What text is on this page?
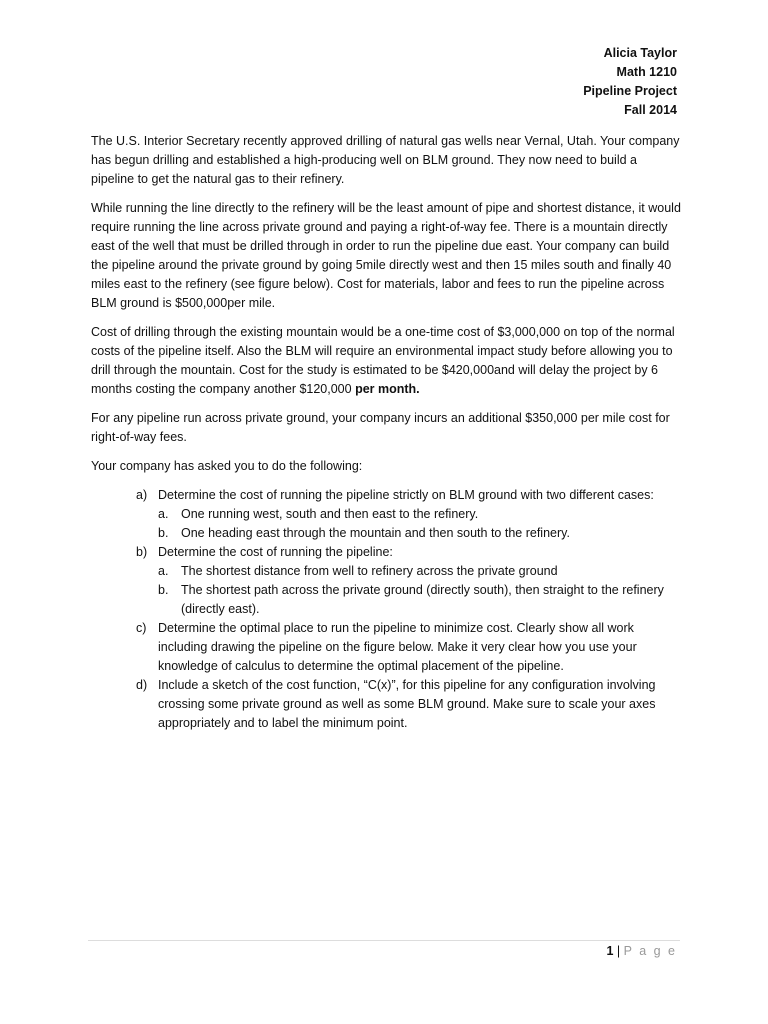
Alicia Taylor
Math 1210
Pipeline Project
Fall 2014

The U.S. Interior Secretary recently approved drilling of natural gas wells near Vernal, Utah. Your company has begun drilling and established a high-producing well on BLM ground. They now need to build a pipeline to get the natural gas to their refinery.

While running the line directly to the refinery will be the least amount of pipe and shortest distance, it would require running the line across private ground and paying a right-of-way fee. There is a mountain directly east of the well that must be drilled through in order to run the pipeline due east. Your company can build the pipeline around the private ground by going 5mile directly west and then 15 miles south and finally 40 miles east to the refinery (see figure below). Cost for materials, labor and fees to run the pipeline across BLM ground is $500,000per mile.

Cost of drilling through the existing mountain would be a one-time cost of $3,000,000 on top of the normal costs of the pipeline itself. Also the BLM will require an environmental impact study before allowing you to drill through the mountain. Cost for the study is estimated to be $420,000and will delay the project by 6 months costing the company another $120,000 per month.

For any pipeline run across private ground, your company incurs an additional $350,000 per mile cost for right-of-way fees.

Your company has asked you to do the following:

a) Determine the cost of running the pipeline strictly on BLM ground with two different cases:
a. One running west, south and then east to the refinery.
b. One heading east through the mountain and then south to the refinery.
b) Determine the cost of running the pipeline:
a. The shortest distance from well to refinery across the private ground
b. The shortest path across the private ground (directly south), then straight to the refinery (directly east).
c) Determine the optimal place to run the pipeline to minimize cost. Clearly show all work including drawing the pipeline on the figure below. Make it very clear how you use your knowledge of calculus to determine the optimal placement of the pipeline.
d) Include a sketch of the cost function, “C(x)”, for this pipeline for any configuration involving crossing some private ground as well as some BLM ground. Make sure to scale your axes appropriately and to label the minimum point.
1 | P a g e
